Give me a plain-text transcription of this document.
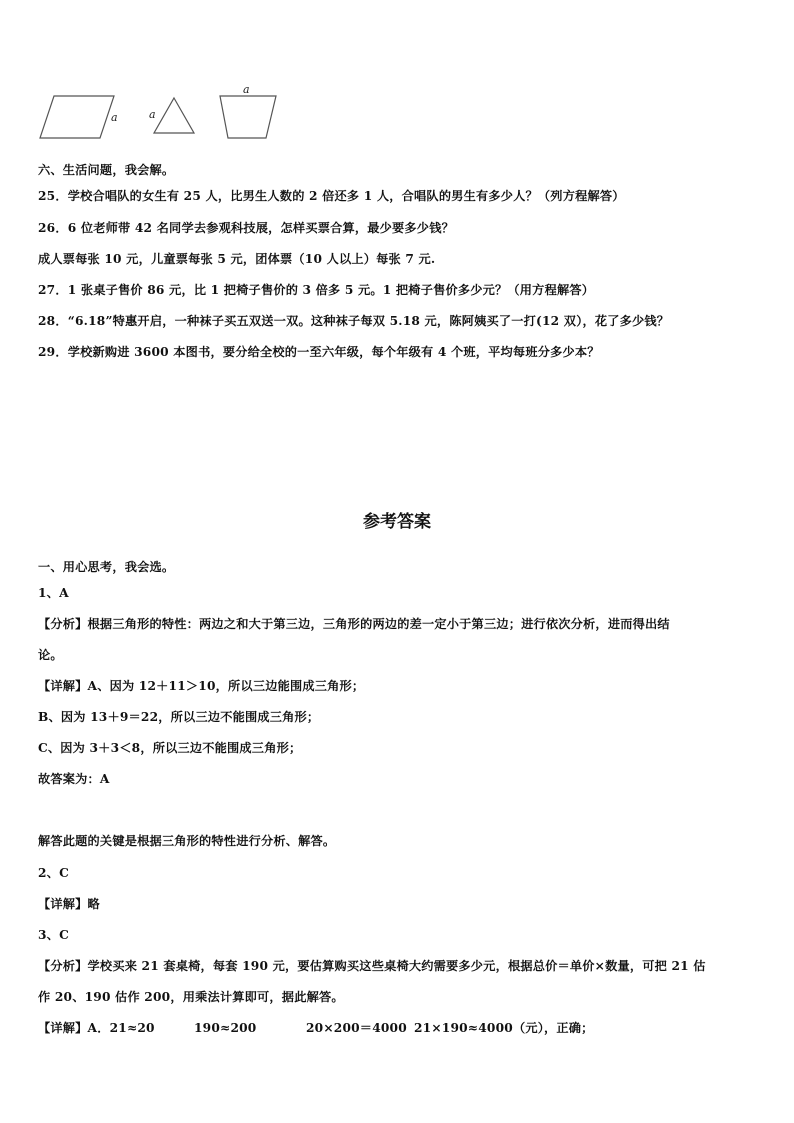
a	a
a
六、生活问题，我会解。
25．学校合唱队的女生有 25 人，比男生人数的 2 倍还多 1 人，合唱队的男生有多少人？（列方程解答）
26．6 位老师带 42 名同学去参观科技展，怎样买票合算，最少要多少钱？
成人票每张 10 元，儿童票每张 5 元，团体票（10 人以上）每张 7 元.
27．1 张桌子售价 86 元，比 1 把椅子售价的 3 倍多 5 元。1 把椅子售价多少元？（用方程解答）
28．“6.18”特惠开启，一种袜子买五双送一双。这种袜子每双 5.18 元，陈阿姨买了一打(12 双），花了多少钱？
29．学校新购进 3600 本图书，要分给全校的一至六年级，每个年级有 4 个班，平均每班分多少本？
参考答案
一、用心思考，我会选。
1、A
【分析】根据三角形的特性：两边之和大于第三边，三角形的两边的差一定小于第三边；进行依次分析，进而得出结
论。
【详解】A、因为 12＋11＞10，所以三边能围成三角形；
B、因为 13＋9＝22，所以三边不能围成三角形；
C、因为 3＋3＜8，所以三边不能围成三角形；
故答案为：A
解答此题的关键是根据三角形的特性进行分析、解答。
2、C
【详解】略
3、C
【分析】学校买来 21 套桌椅，每套 190 元，要估算购买这些桌椅大约需要多少元，根据总价＝单价×数量，可把 21 估
作 20、190 估作 200，用乘法计算即可，据此解答。
【详解】A．21≈20	190≈200	20×200＝4000 21×190≈4000（元），正确；
